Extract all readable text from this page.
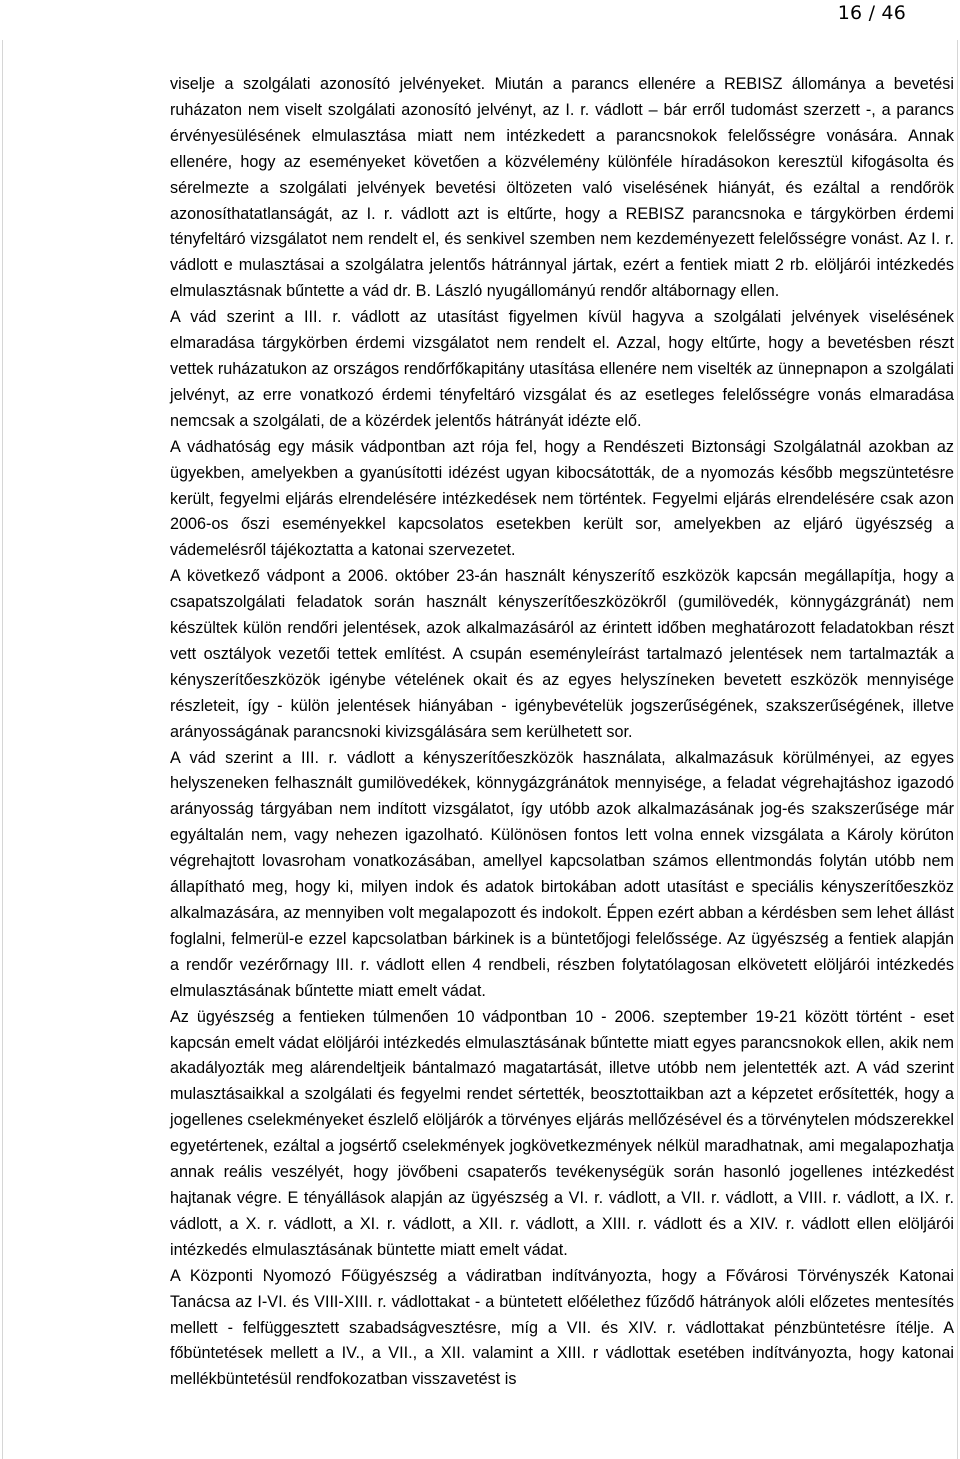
16 / 46

viselje a szolgálati azonosító jelvényeket. Miután a parancs ellenére a REBISZ állománya a bevetési ruházaton nem viselt szolgálati azonosító jelvényt, az I. r. vádlott – bár erről tudomást szerzett -, a parancs érvényesülésének elmulasztása miatt nem intézkedett a parancsnokok felelősségre vonására. Annak ellenére, hogy az eseményeket követően a közvélemény különféle híradásokon keresztül kifogásolta és sérelmezte a szolgálati jelvények bevetési öltözeten való viselésének hiányát, és ezáltal a rendőrök azonosíthatatlanságát, az I. r. vádlott azt is eltűrte, hogy a REBISZ parancsnoka e tárgykörben érdemi tényfeltáró vizsgálatot nem rendelt el, és senkivel szemben nem kezdeményezett felelősségre vonást. Az I. r. vádlott e mulasztásai a szolgálatra jelentős hátránnyal jártak, ezért a fentiek miatt 2 rb. elöljárói intézkedés elmulasztásnak bűntette a vád dr. B. László nyugállományú rendőr altábornagy ellen.

A vád szerint a III. r. vádlott az utasítást figyelmen kívül hagyva a szolgálati jelvények viselésének elmaradása tárgykörben érdemi vizsgálatot nem rendelt el. Azzal, hogy eltűrte, hogy a bevetésben részt vettek ruházatukon az országos rendőrfőkapitány utasítása ellenére nem viselték az ünnepnapon a szolgálati jelvényt, az erre vonatkozó érdemi tényfeltáró vizsgálat és az esetleges felelősségre vonás elmaradása nemcsak a szolgálati, de a közérdek jelentős hátrányát idézte elő.

A vádhatóság egy másik vádpontban azt rója fel, hogy a Rendészeti Biztonsági Szolgálatnál azokban az ügyekben, amelyekben a gyanúsítotti idézést ugyan kibocsátották, de a nyomozás később megszüntetésre került, fegyelmi eljárás elrendelésére intézkedések nem történtek. Fegyelmi eljárás elrendelésére csak azon 2006-os őszi eseményekkel kapcsolatos esetekben került sor, amelyekben az eljáró ügyészség a vádemelésről tájékoztatta a katonai szervezetet.

A következő vádpont a 2006. október 23-án használt kényszerítő eszközök kapcsán megállapítja, hogy a csapatszolgálati feladatok során használt kényszerítőeszközökről (gumilövedék, könnygázgránát) nem készültek külön rendőri jelentések, azok alkalmazásáról az érintett időben meghatározott feladatokban részt vett osztályok vezetői tettek említést. A csupán eseményleírást tartalmazó jelentések nem tartalmazták a kényszerítőeszközök igénybe vételének okait és az egyes helyszíneken bevetett eszközök mennyisége részleteit, így - külön jelentések hiányában - igénybevételük jogszerűségének, szakszerűségének, illetve arányosságának parancsnoki kivizsgálására sem kerülhetett sor.

A vád szerint a III. r. vádlott a kényszerítőeszközök használata, alkalmazásuk körülményei, az egyes helyszeneken felhasznált gumilövedékek, könnygázgránátok mennyisége, a feladat végrehajtáshoz igazodó arányosság tárgyában nem indított vizsgálatot, így utóbb azok alkalmazásának jog-és szakszerűsége már egyáltalán nem, vagy nehezen igazolható. Különösen fontos lett volna ennek vizsgálata a Károly körúton végrehajtott lovasroham vonatkozásában, amellyel kapcsolatban számos ellentmondás folytán utóbb nem állapítható meg, hogy ki, milyen indok és adatok birtokában adott utasítást e speciális kényszerítőeszköz alkalmazására, az mennyiben volt megalapozott és indokolt. Éppen ezért abban a kérdésben sem lehet állást foglalni, felmerül-e ezzel kapcsolatban bárkinek is a büntetőjogi felelőssége. Az ügyészség a fentiek alapján a rendőr vezérőrnagy III. r. vádlott ellen 4 rendbeli, részben folytatólagosan elkövetett elöljárói intézkedés elmulasztásának bűntette miatt emelt vádat.

Az ügyészség a fentieken túlmenően 10 vádpontban 10 - 2006. szeptember 19-21 között történt - eset kapcsán emelt vádat elöljárói intézkedés elmulasztásának bűntette miatt egyes parancsnokok ellen, akik nem akadályozták meg alárendeltjeik bántalmazó magatartását, illetve utóbb nem jelentették azt. A vád szerint mulasztásaikkal a szolgálati és fegyelmi rendet sértették, beosztottaikban azt a képzetet erősítették, hogy a jogellenes cselekményeket észlelő elöljárók a törvényes eljárás mellőzésével és a törvénytelen módszerekkel egyetértenek, ezáltal a jogsértő cselekmények jogkövetkezmények nélkül maradhatnak, ami megalapozhatja annak reális veszélyét, hogy jövőbeni csapaterős tevékenységük során hasonló jogellenes intézkedést hajtanak végre. E tényállások alapján az ügyészség a VI. r. vádlott, a VII. r. vádlott, a VIII. r. vádlott, a IX. r. vádlott, a X. r. vádlott, a XI. r. vádlott, a XII. r. vádlott, a XIII. r. vádlott és a XIV. r. vádlott ellen elöljárói intézkedés elmulasztásának büntette miatt emelt vádat.

A Központi Nyomozó Főügyészség a vádiratban indítványozta, hogy a Fővárosi Törvényszék Katonai Tanácsa az I-VI. és VIII-XIII. r. vádlottakat - a büntetett előélethez fűződő hátrányok alóli előzetes mentesítés mellett - felfüggesztett szabadságvesztésre, míg a VII. és XIV. r. vádlottakat pénzbüntetésre ítélje. A főbüntetések mellett a IV., a VII., a XII. valamint a XIII. r vádlottak esetében indítványozta, hogy katonai mellékbüntetésül rendfokozatban visszavetést is
